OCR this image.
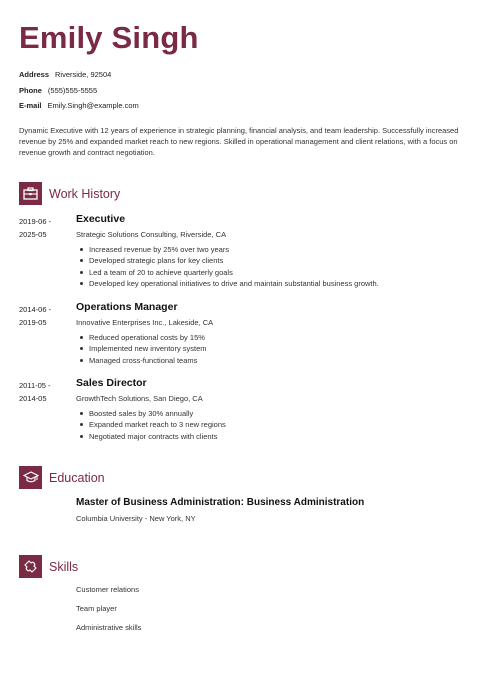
Emily Singh
Address Riverside, 92504
Phone (555)555-5555
E-mail Emily.Singh@example.com

Dynamic Executive with 12 years of experience in strategic planning, financial analysis, and team leadership. Successfully increased revenue by 25% and expanded market reach to new regions. Skilled in operational management and client relations, with a focus on revenue growth and contract negotiation.

Work History
2019-06 -
2025-05
Executive
Strategic Solutions Consulting, Riverside, CA
Increased revenue by 25% over two years
Developed strategic plans for key clients
Led a team of 20 to achieve quarterly goals
Developed key operational initiatives to drive and maintain substantial business growth.
2014-06 -
2019-05
Operations Manager
Innovative Enterprises Inc., Lakeside, CA
Reduced operational costs by 15%
Implemented new inventory system
Managed cross-functional teams
2011-05 -
2014-05
Sales Director
GrowthTech Solutions, San Diego, CA
Boosted sales by 30% annually
Expanded market reach to 3 new regions
Negotiated major contracts with clients
Education
Master of Business Administration: Business Administration
Columbia University - New York, NY
Skills
Customer relations
Team player
Administrative skills
